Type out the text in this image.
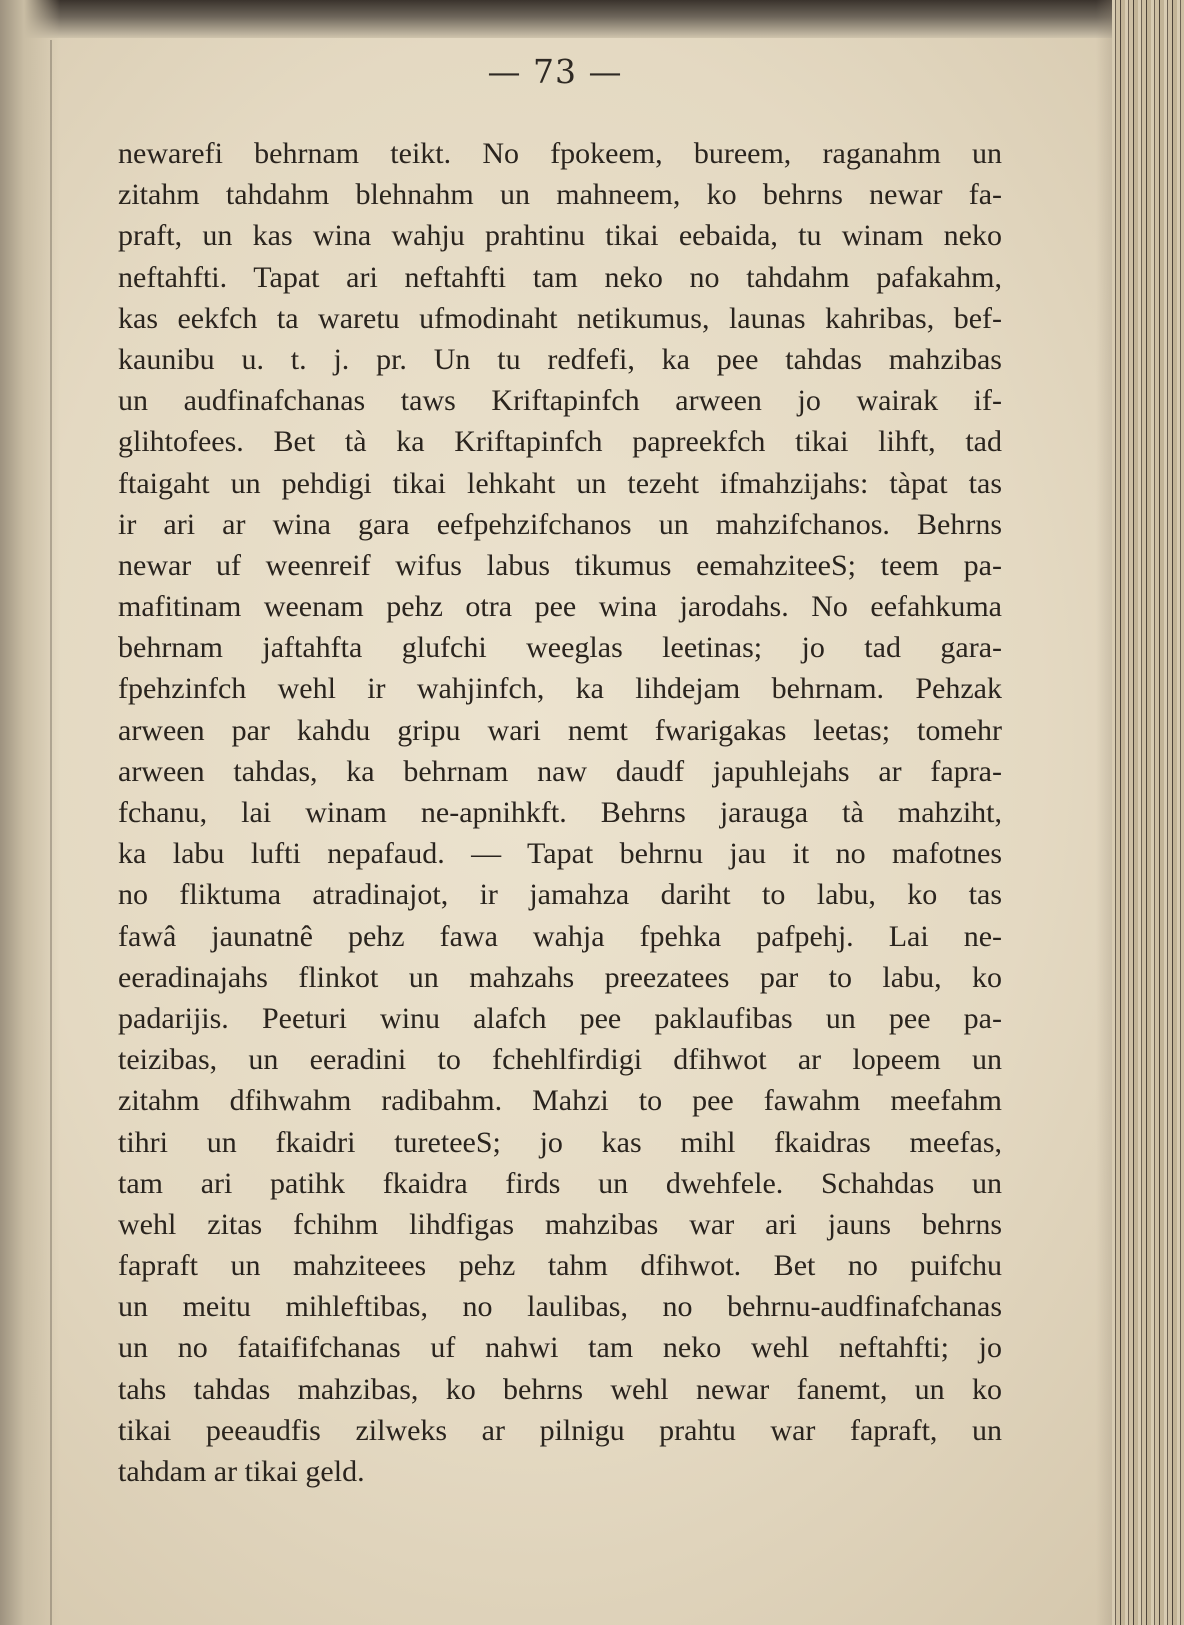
— 73 —
newarefi behrnam teikt. No fpokeem, bureem, raganahm un
zitahm tahdahm blehnahm un mahneem, ko behrns newar fa-
praft, un kas wina wahju prahtinu tikai eebaida, tu winam neko
neftahfti. Tapat ari neftahfti tam neko no tahdahm pafakahm,
kas eekfch ta waretu ufmodinaht netikumus, launas kahribas, bef-
kaunibu u. t. j. pr. Un tu redfefi, ka pee tahdas mahzibas
un audfinafchanas taws Kriftapinfch arween jo wairak if-
glihtofees. Bet tà ka Kriftapinfch papreekfch tikai lihft, tad
ftaigaht un pehdigi tikai lehkaht un tezeht ifmahzijahs: tàpat tas
ir ari ar wina gara eefpehzifchanos un mahzifchanos. Behrns
newar uf weenreif wifus labus tikumus eemahziteeS; teem pa-
mafitinam weenam pehz otra pee wina jarodahs. No eefahkuma
behrnam jaftahfta glufchi weeglas leetinas; jo tad gara-
fpehzinfch wehl ir wahjinfch, ka lihdejam behrnam. Pehzak
arween par kahdu gripu wari nemt fwarigakas leetas; tomehr
arween tahdas, ka behrnam naw daudf japuhlejahs ar fapra-
fchanu, lai winam ne-apnihkft. Behrns jarauga tà mahziht,
ka labu lufti nepafaud. — Tapat behrnu jau it no mafotnes
no fliktuma atradinajot, ir jamahza dariht to labu, ko tas
fawâ jaunatnê pehz fawa wahja fpehka pafpehj. Lai ne-
eeradinajahs flinkot un mahzahs preezatees par to labu, ko
padarijis. Peeturi winu alafch pee paklaufibas un pee pa-
teizibas, un eeradini to fchehlfirdigi dfihwot ar lopeem un
zitahm dfihwahm radibahm. Mahzi to pee fawahm meefahm
tihri un fkaidri tureteeS; jo kas mihl fkaidras meefas,
tam ari patihk fkaidra firds un dwehfele. Schahdas un
wehl zitas fchihm lihdfigas mahzibas war ari jauns behrns
fapraft un mahziteees pehz tahm dfihwot. Bet no puifchu
un meitu mihleftibas, no laulibas, no behrnu-audfinafchanas
un no fataififchanas uf nahwi tam neko wehl neftahfti; jo
tahs tahdas mahzibas, ko behrns wehl newar fanemt, un ko
tikai peeaudfis zilweks ar pilnigu prahtu war fapraft, un
tahdam ar tikai geld.
